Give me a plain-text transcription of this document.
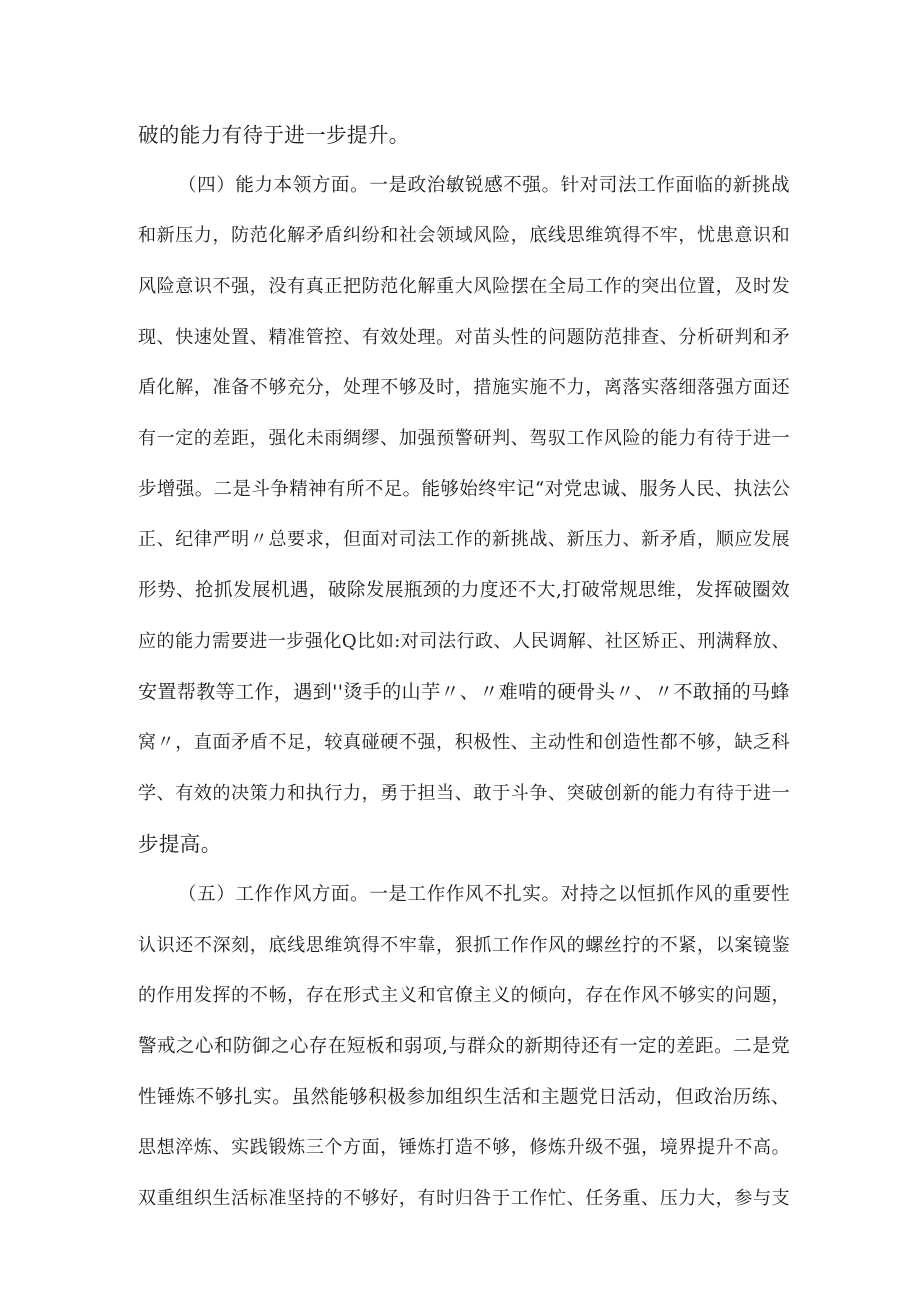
破的能力有待于进一步提升。
（四）能力本领方面。一是政治敏锐感不强。针对司法工作面临的新挑战
和新压力，防范化解矛盾纠纷和社会领域风险，底线思维筑得不牢，忧患意识和
风险意识不强，没有真正把防范化解重大风险摆在全局工作的突出位置，及时发
现、快速处置、精准管控、有效处理。对苗头性的问题防范排查、分析研判和矛
盾化解，准备不够充分，处理不够及时，措施实施不力，离落实落细落强方面还
有一定的差距，强化未雨绸缪、加强预警研判、驾驭工作风险的能力有待于进一
步增强。二是斗争精神有所不足。能够始终牢记“对党忠诚、服务人民、执法公
正、纪律严明〃总要求，但面对司法工作的新挑战、新压力、新矛盾，顺应发展
形势、抢抓发展机遇，破除发展瓶颈的力度还不大,打破常规思维，发挥破圈效
应的能力需要进一步强化Q比如:对司法行政、人民调解、社区矫正、刑满释放、
安置帮教等工作，遇到''烫手的山芋〃、〃难啃的硬骨头〃、〃不敢捅的马蜂
窝〃，直面矛盾不足，较真碰硬不强，积极性、主动性和创造性都不够，缺乏科
学、有效的决策力和执行力，勇于担当、敢于斗争、突破创新的能力有待于进一
步提高。
（五）工作作风方面。一是工作作风不扎实。对持之以恒抓作风的重要性
认识还不深刻，底线思维筑得不牢靠，狠抓工作作风的螺丝拧的不紧，以案镜鉴
的作用发挥的不畅，存在形式主义和官僚主义的倾向，存在作风不够实的问题，
警戒之心和防御之心存在短板和弱项,与群众的新期待还有一定的差距。二是党
性锤炼不够扎实。虽然能够积极参加组织生活和主题党日活动，但政治历练、
思想淬炼、实践锻炼三个方面，锤炼打造不够，修炼升级不强，境界提升不高。
双重组织生活标准坚持的不够好，有时归咎于工作忙、任务重、压力大，参与支
